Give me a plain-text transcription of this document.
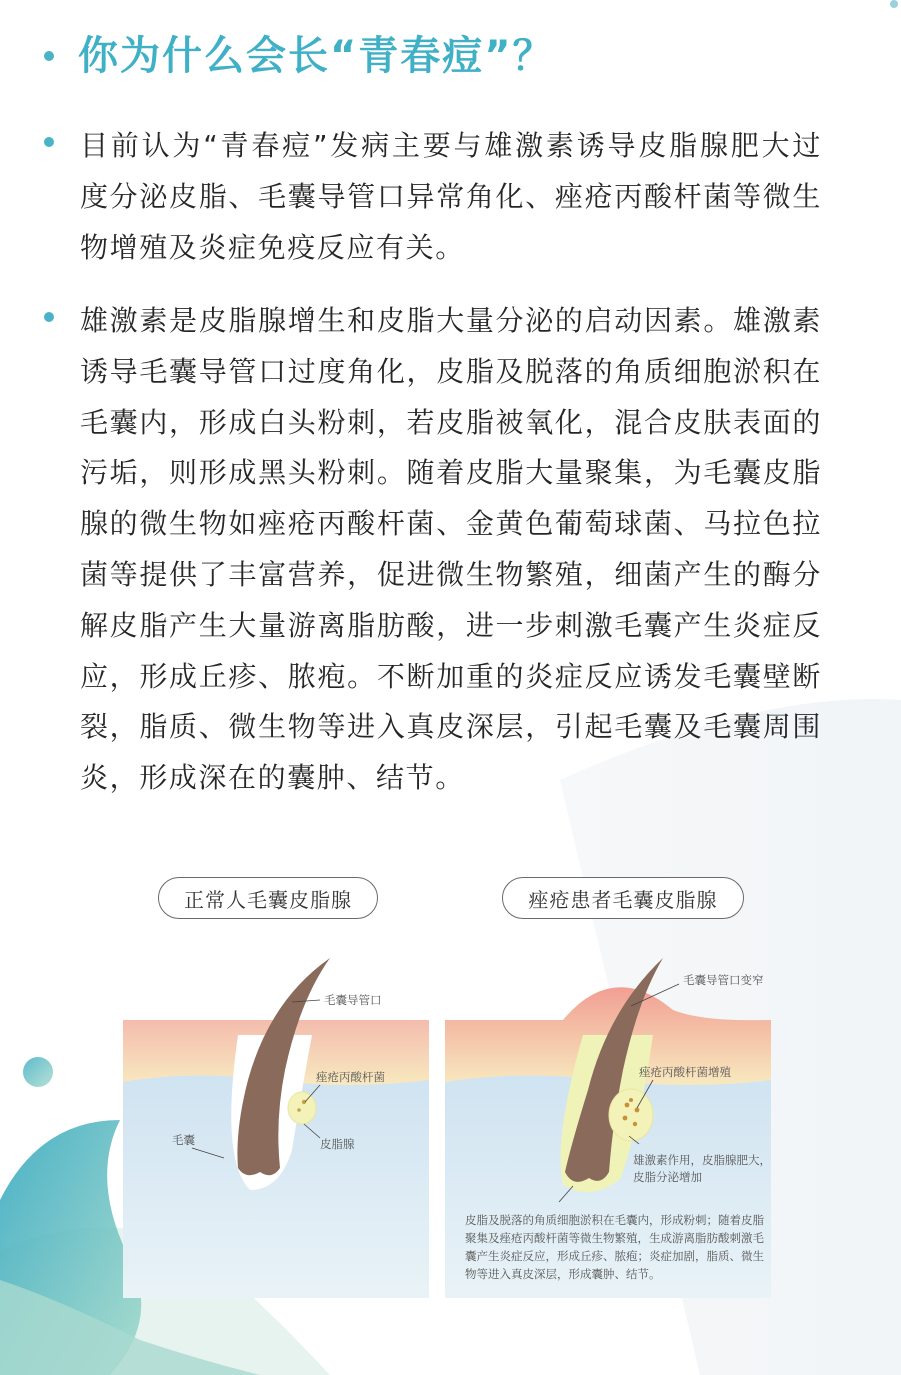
你为什么会长“青春痘”？
目前认为“青春痘”发病主要与雄激素诱导皮脂腺肥大过度分泌皮脂、毛囊导管口异常角化、痤疮丙酸杆菌等微生物增殖及炎症免疫反应有关。
雄激素是皮脂腺增生和皮脂大量分泌的启动因素。雄激素诱导毛囊导管口过度角化，皮脂及脱落的角质细胞淤积在毛囊内，形成白头粉刺，若皮脂被氧化，混合皮肤表面的污垢，则形成黑头粉刺。随着皮脂大量聚集，为毛囊皮脂腺的微生物如痤疮丙酸杆菌、金黄色葡萄球菌、马拉色拉菌等提供了丰富营养，促进微生物繁殖，细菌产生的酶分解皮脂产生大量游离脂肪酸，进一步刺激毛囊产生炎症反应，形成丘疹、脓疱。不断加重的炎症反应诱发毛囊壁断裂，脂质、微生物等进入真皮深层，引起毛囊及毛囊周围炎，形成深在的囊肿、结节。
正常人毛囊皮脂腺	痤疮患者毛囊皮脂腺
毛囊导管口
痤疮丙酸杆菌
毛囊	皮脂腺
毛囊导管口变窄
痤疮丙酸杆菌增殖
雄激素作用，皮脂腺肥大，
皮脂分泌增加
皮脂及脱落的角质细胞淤积在毛囊内，形成粉刺；随着皮脂
聚集及痤疮丙酸杆菌等微生物繁殖，生成游离脂肪酸刺激毛
囊产生炎症反应，形成丘疹、脓疱；炎症加剧，脂质、微生
物等进入真皮深层，形成囊肿、结节。
